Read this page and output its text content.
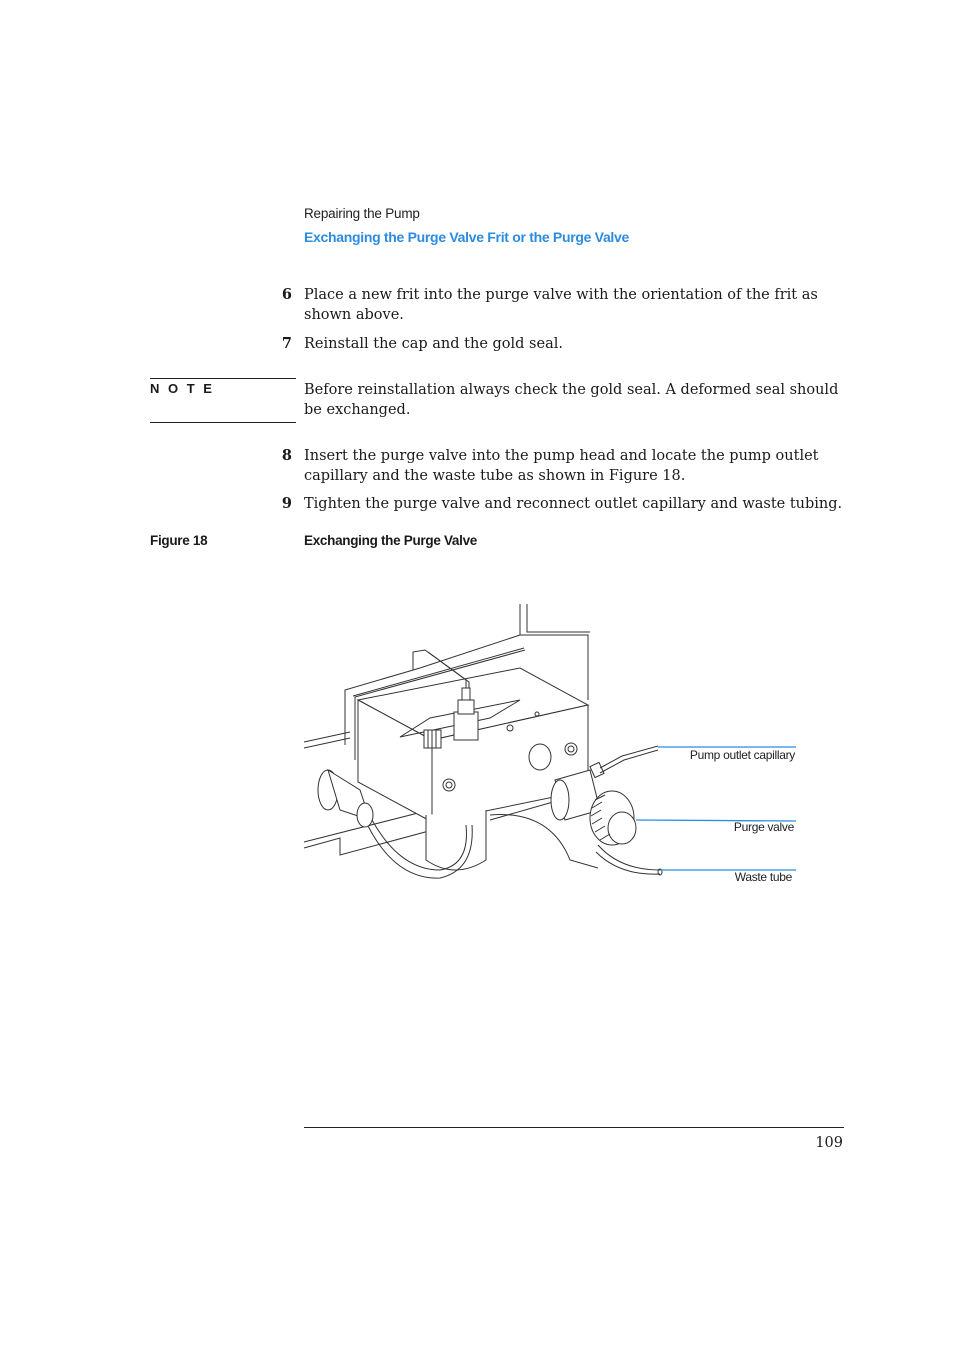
Repairing the Pump
Exchanging the Purge Valve Frit or the Purge Valve
6 Place a new frit into the purge valve with the orientation of the frit as shown above.
7 Reinstall the cap and the gold seal.
N O T E	Before reinstallation always check the gold seal. A deformed seal should be exchanged.
8 Insert the purge valve into the pump head and locate the pump outlet capillary and the waste tube as shown in Figure 18.
9 Tighten the purge valve and reconnect outlet capillary and waste tubing.
Figure 18	Exchanging the Purge Valve
Pump outlet capillary
Purge valve
Waste tube
109
